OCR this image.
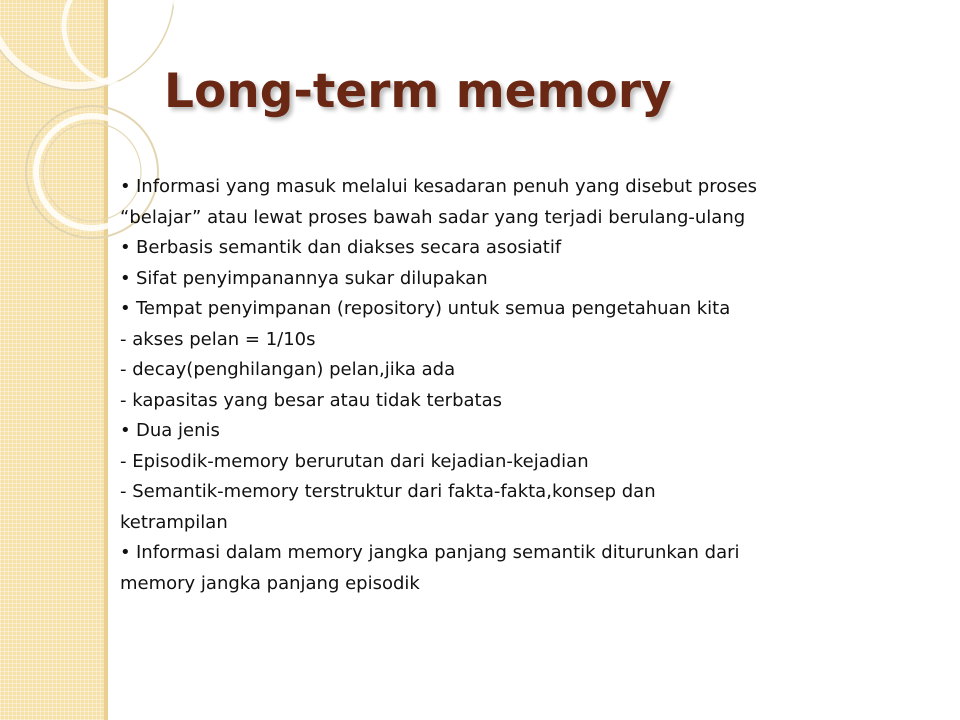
Long-term memory
• Informasi yang masuk melalui kesadaran penuh yang disebut proses
“belajar” atau lewat proses bawah sadar yang terjadi berulang-ulang
• Berbasis semantik dan diakses secara asosiatif
• Sifat penyimpanannya sukar dilupakan
• Tempat penyimpanan (repository) untuk semua pengetahuan kita
- akses pelan = 1/10s
- decay(penghilangan) pelan,jika ada
- kapasitas yang besar atau tidak terbatas
• Dua jenis
- Episodik-memory berurutan dari kejadian-kejadian
- Semantik-memory terstruktur dari fakta-fakta,konsep dan
ketrampilan
• Informasi dalam memory jangka panjang semantik diturunkan dari
memory jangka panjang episodik
